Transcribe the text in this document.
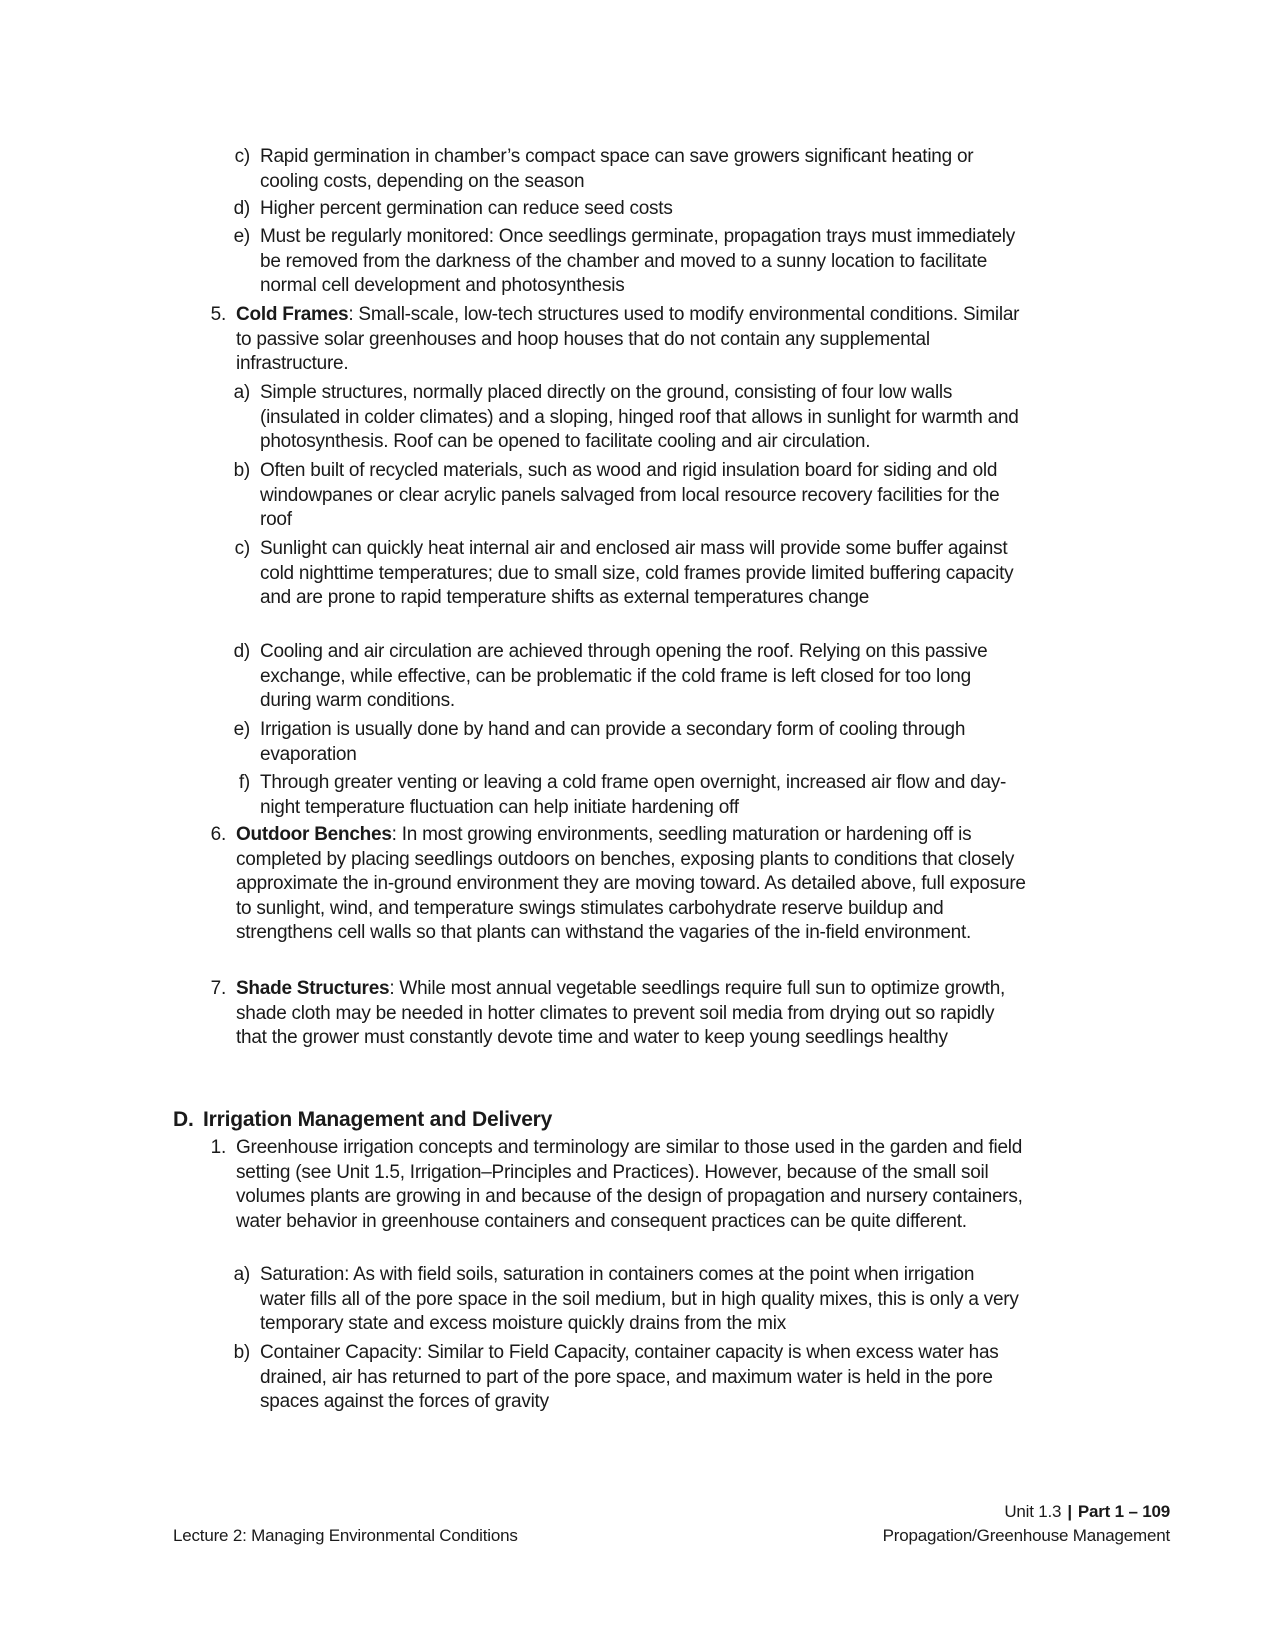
c) Rapid germination in chamber’s compact space can save growers significant heating or cooling costs, depending on the season
d) Higher percent germination can reduce seed costs
e) Must be regularly monitored: Once seedlings germinate, propagation trays must immediately be removed from the darkness of the chamber and moved to a sunny location to facilitate normal cell development and photosynthesis
5. Cold Frames: Small-scale, low-tech structures used to modify environmental conditions. Similar to passive solar greenhouses and hoop houses that do not contain any supplemental infrastructure.
a) Simple structures, normally placed directly on the ground, consisting of four low walls (insulated in colder climates) and a sloping, hinged roof that allows in sunlight for warmth and photosynthesis. Roof can be opened to facilitate cooling and air circulation.
b) Often built of recycled materials, such as wood and rigid insulation board for siding and old windowpanes or clear acrylic panels salvaged from local resource recovery facilities for the roof
c) Sunlight can quickly heat internal air and enclosed air mass will provide some buffer against cold nighttime temperatures; due to small size, cold frames provide limited buffering capacity and are prone to rapid temperature shifts as external temperatures change
d) Cooling and air circulation are achieved through opening the roof. Relying on this passive exchange, while effective, can be problematic if the cold frame is left closed for too long during warm conditions.
e) Irrigation is usually done by hand and can provide a secondary form of cooling through evaporation
f) Through greater venting or leaving a cold frame open overnight, increased air flow and day-night temperature fluctuation can help initiate hardening off
6. Outdoor Benches: In most growing environments, seedling maturation or hardening off is completed by placing seedlings outdoors on benches, exposing plants to conditions that closely approximate the in-ground environment they are moving toward. As detailed above, full exposure to sunlight, wind, and temperature swings stimulates carbohydrate reserve buildup and strengthens cell walls so that plants can withstand the vagaries of the in-field environment.
7. Shade Structures: While most annual vegetable seedlings require full sun to optimize growth, shade cloth may be needed in hotter climates to prevent soil media from drying out so rapidly that the grower must constantly devote time and water to keep young seedlings healthy
D. Irrigation Management and Delivery
1. Greenhouse irrigation concepts and terminology are similar to those used in the garden and field setting (see Unit 1.5, Irrigation–Principles and Practices). However, because of the small soil volumes plants are growing in and because of the design of propagation and nursery containers, water behavior in greenhouse containers and consequent practices can be quite different.
a) Saturation: As with field soils, saturation in containers comes at the point when irrigation water fills all of the pore space in the soil medium, but in high quality mixes, this is only a very temporary state and excess moisture quickly drains from the mix
b) Container Capacity: Similar to Field Capacity, container capacity is when excess water has drained, air has returned to part of the pore space, and maximum water is held in the pore spaces against the forces of gravity
Unit 1.3 | Part 1 – 109
Lecture 2: Managing Environmental Conditions	Propagation/Greenhouse Management
